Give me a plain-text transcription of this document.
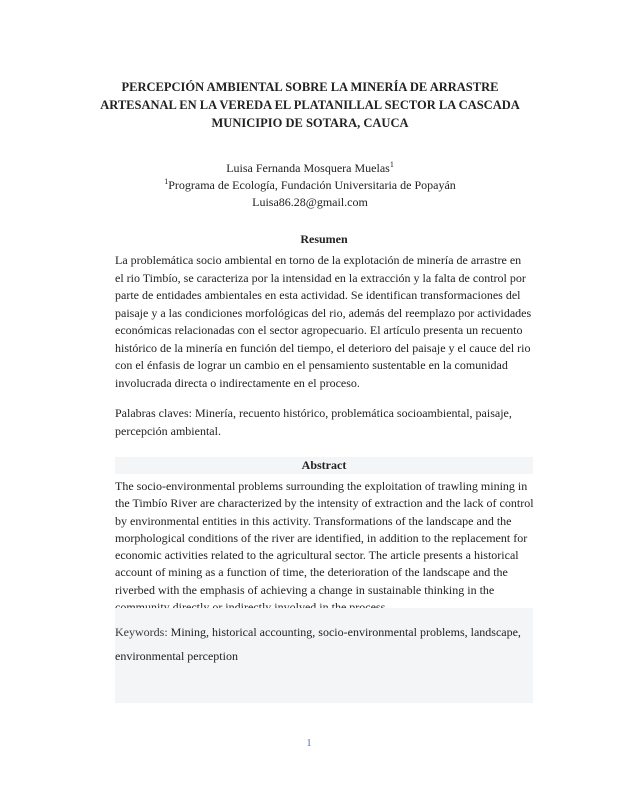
PERCEPCIÓN AMBIENTAL SOBRE LA MINERÍA DE ARRASTRE
ARTESANAL EN LA VEREDA EL PLATANILLAL SECTOR LA CASCADA
MUNICIPIO DE SOTARA, CAUCA
Luisa Fernanda Mosquera Muelas$^1$
$^1$Programa de Ecología, Fundación Universitaria de Popayán
Luisa86.28@gmail.com
Resumen
La problemática socio ambiental en torno de la explotación de minería de arrastre en
el rio Timbío, se caracteriza por la intensidad en la extracción y la falta de control por
parte de entidades ambientales en esta actividad. Se identifican transformaciones del
paisaje y a las condiciones morfológicas del rio, además del reemplazo por actividades
económicas relacionadas con el sector agropecuario. El artículo presenta un recuento
histórico de la minería en función del tiempo, el deterioro del paisaje y el cauce del rio
con el énfasis de lograr un cambio en el pensamiento sustentable en la comunidad
involucrada directa o indirectamente en el proceso.
Palabras claves: Minería, recuento histórico, problemática socioambiental, paisaje,
percepción ambiental.
Abstract
The socio-environmental problems surrounding the exploitation of trawling mining in
the Timbío River are characterized by the intensity of extraction and the lack of control
by environmental entities in this activity. Transformations of the landscape and the
morphological conditions of the river are identified, in addition to the replacement for
economic activities related to the agricultural sector. The article presents a historical
account of mining as a function of time, the deterioration of the landscape and the
riverbed with the emphasis of achieving a change in sustainable thinking in the
Keywords: Mining, historical accounting, socio-environmental problems, landscape,
environmental perception
1
